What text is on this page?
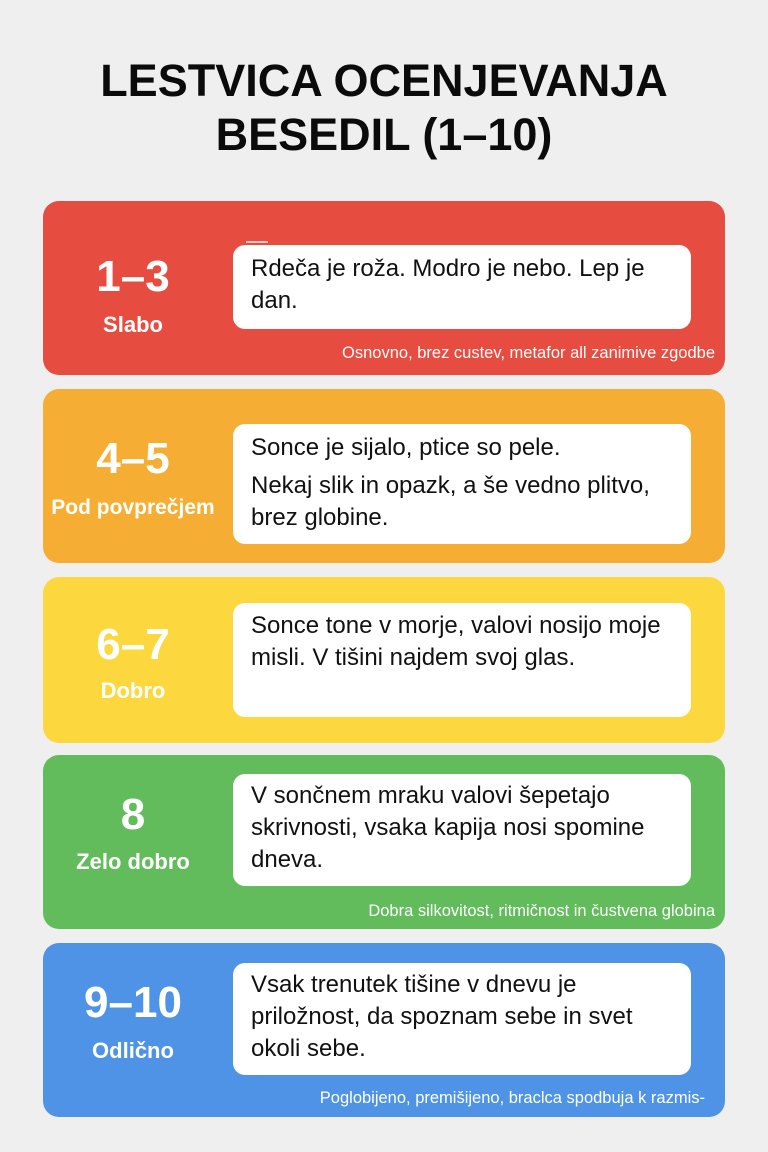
LESTVICA OCENJEVANJA
BESEDIL (1–10)
1–3
Slabo
Rdeča je roža. Modro je nebo. Lep je dan.
Osnovno, brez custev, metafor all zanimive zgodbe
4–5
Pod povprečjem
Sonce je sijalo, ptice so pele.
Nekaj slik in opazk, a še vedno plitvo, brez globine.
6–7
Dobro
Sonce tone v morje, valovi nosijo moje misli. V tišini najdem svoj glas.
8
Zelo dobro
V sončnem mraku valovi šepetajo skrivnosti, vsaka kapija nosi spomine dneva.
Dobra silkovitost, ritmičnost in čustvena globina
9–10
Odlično
Vsak trenutek tišine v dnevu je priložnost, da spoznam sebe in svet okoli sebe.
Poglobijeno, premišijeno, braclca spodbuja k razmis-
